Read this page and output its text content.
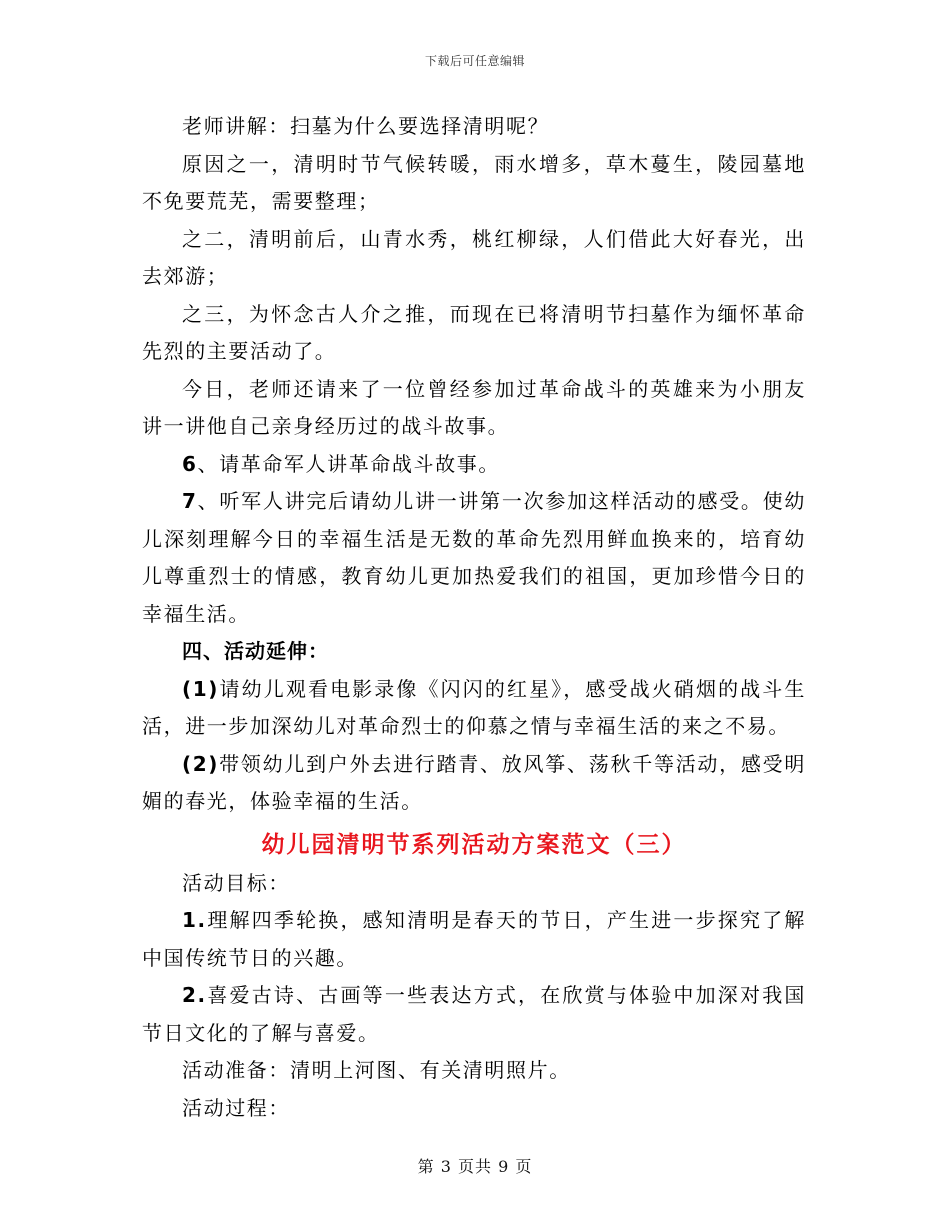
下载后可任意编辑

老师讲解：扫墓为什么要选择清明呢？

原因之一，清明时节气候转暖，雨水增多，草木蔓生，陵园墓地不免要荒芜，需要整理；

之二，清明前后，山青水秀，桃红柳绿，人们借此大好春光，出去郊游；

之三，为怀念古人介之推，而现在已将清明节扫墓作为缅怀革命先烈的主要活动了。

今日，老师还请来了一位曾经参加过革命战斗的英雄来为小朋友讲一讲他自己亲身经历过的战斗故事。

6、请革命军人讲革命战斗故事。

7、听军人讲完后请幼儿讲一讲第一次参加这样活动的感受。使幼儿深刻理解今日的幸福生活是无数的革命先烈用鲜血换来的，培育幼儿尊重烈士的情感，教育幼儿更加热爱我们的祖国，更加珍惜今日的幸福生活。

四、活动延伸：

(1)请幼儿观看电影录像《闪闪的红星》，感受战火硝烟的战斗生活，进一步加深幼儿对革命烈士的仰慕之情与幸福生活的来之不易。

(2)带领幼儿到户外去进行踏青、放风筝、荡秋千等活动，感受明媚的春光，体验幸福的生活。

幼儿园清明节系列活动方案范文（三）

活动目标：

1.理解四季轮换，感知清明是春天的节日，产生进一步探究了解中国传统节日的兴趣。

2.喜爱古诗、古画等一些表达方式，在欣赏与体验中加深对我国节日文化的了解与喜爱。

活动准备：清明上河图、有关清明照片。

活动过程：

第 3 页共 9 页
